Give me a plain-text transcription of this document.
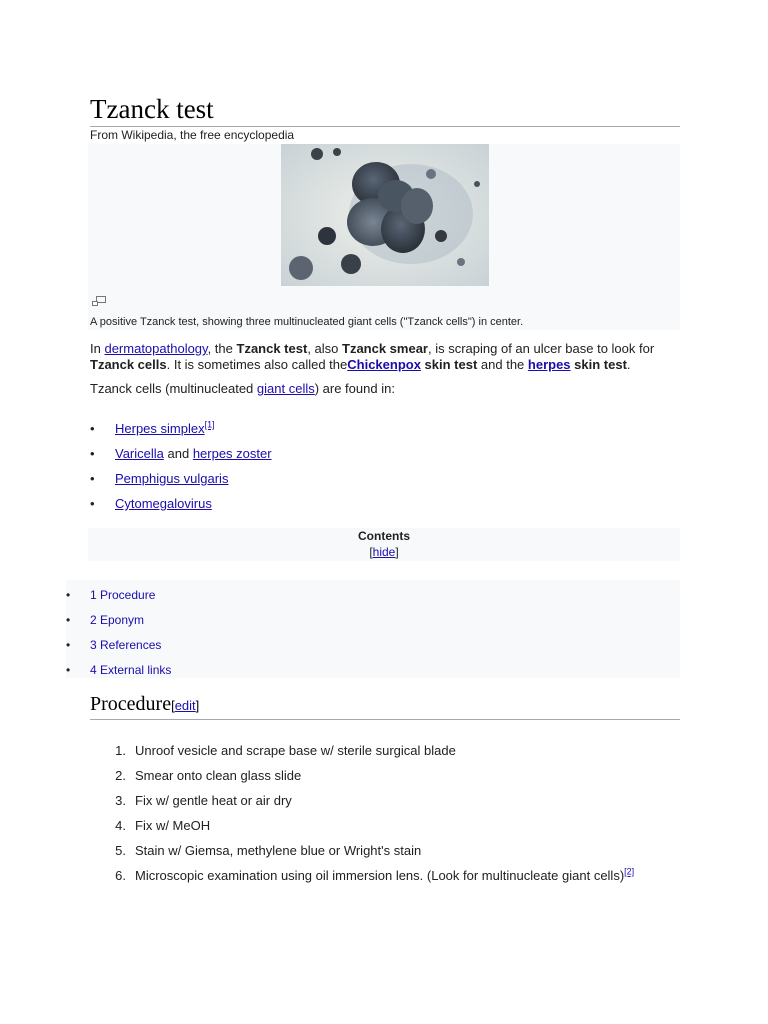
Tzanck test
From Wikipedia, the free encyclopedia
A positive Tzanck test, showing three multinucleated giant cells ("Tzanck cells") in center.
In dermatopathology, the Tzanck test, also Tzanck smear, is scraping of an ulcer base to look for Tzanck cells. It is sometimes also called theChickenpox skin test and the herpes skin test.
Tzanck cells (multinucleated giant cells) are found in:
• Herpes simplex[1]
• Varicella and herpes zoster
• Pemphigus vulgaris
• Cytomegalovirus
Contents
[hide]
• 1 Procedure
• 2 Eponym
• 3 References
• 4 External links
Procedure[edit]
1. Unroof vesicle and scrape base w/ sterile surgical blade
2. Smear onto clean glass slide
3. Fix w/ gentle heat or air dry
4. Fix w/ MeOH
5. Stain w/ Giemsa, methylene blue or Wright's stain
6. Microscopic examination using oil immersion lens. (Look for multinucleate giant cells)[2]
